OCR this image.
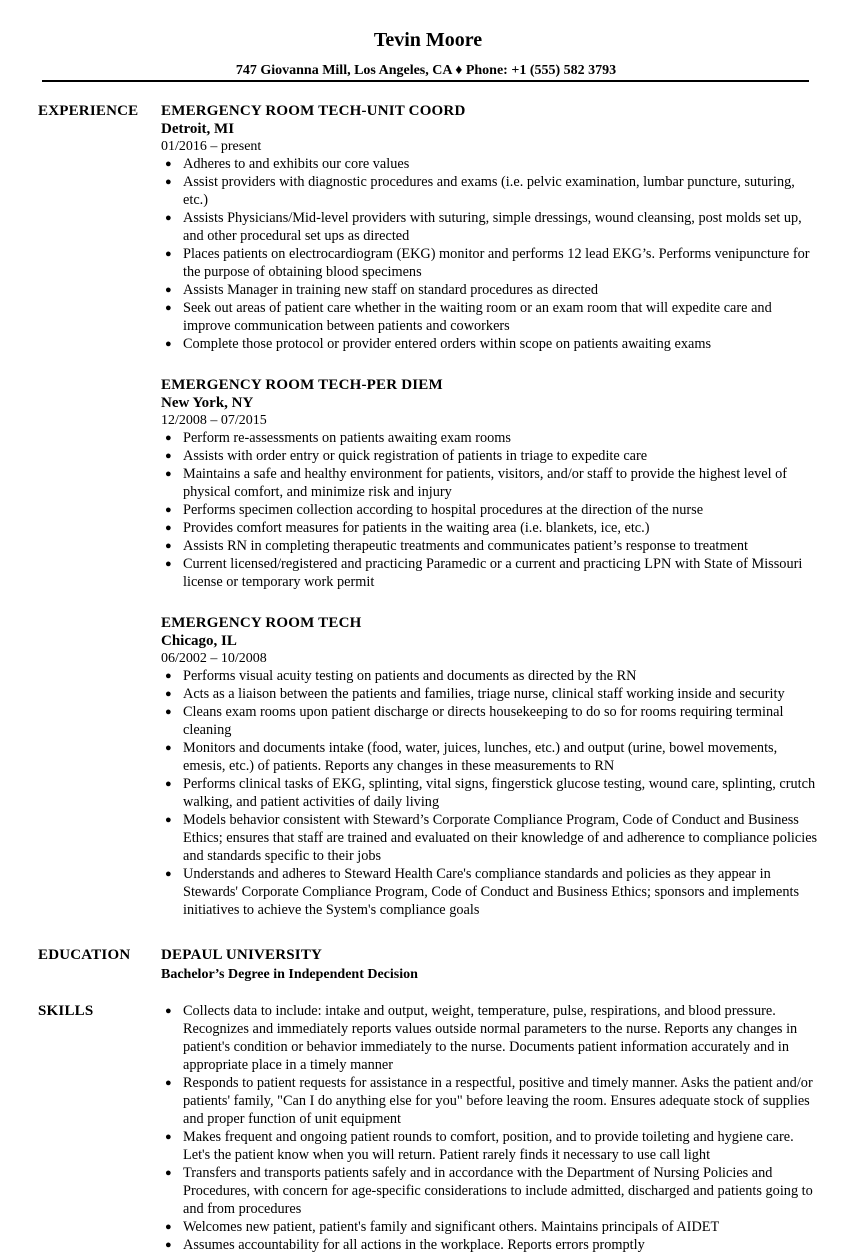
Tevin Moore
747 Giovanna Mill, Los Angeles, CA ♦ Phone: +1 (555) 582 3793
EXPERIENCE EMERGENCY ROOM TECH-UNIT COORD
Detroit, MI
01/2016 – present
● Adheres to and exhibits our core values
● Assist providers with diagnostic procedures and exams (i.e. pelvic examination, lumbar puncture, suturing, etc.)
● Assists Physicians/Mid-level providers with suturing, simple dressings, wound cleansing, post molds set up, and other procedural set ups as directed
● Places patients on electrocardiogram (EKG) monitor and performs 12 lead EKG’s. Performs venipuncture for the purpose of obtaining blood specimens
● Assists Manager in training new staff on standard procedures as directed
● Seek out areas of patient care whether in the waiting room or an exam room that will expedite care and improve communication between patients and coworkers
● Complete those protocol or provider entered orders within scope on patients awaiting exams
EMERGENCY ROOM TECH-PER DIEM
New York, NY
12/2008 – 07/2015
● Perform re-assessments on patients awaiting exam rooms
● Assists with order entry or quick registration of patients in triage to expedite care
● Maintains a safe and healthy environment for patients, visitors, and/or staff to provide the highest level of physical comfort, and minimize risk and injury
● Performs specimen collection according to hospital procedures at the direction of the nurse
● Provides comfort measures for patients in the waiting area (i.e. blankets, ice, etc.)
● Assists RN in completing therapeutic treatments and communicates patient’s response to treatment
● Current licensed/registered and practicing Paramedic or a current and practicing LPN with State of Missouri license or temporary work permit
EMERGENCY ROOM TECH
Chicago, IL
06/2002 – 10/2008
● Performs visual acuity testing on patients and documents as directed by the RN
● Acts as a liaison between the patients and families, triage nurse, clinical staff working inside and security
● Cleans exam rooms upon patient discharge or directs housekeeping to do so for rooms requiring terminal cleaning
● Monitors and documents intake (food, water, juices, lunches, etc.) and output (urine, bowel movements, emesis, etc.) of patients. Reports any changes in these measurements to RN
● Performs clinical tasks of EKG, splinting, vital signs, fingerstick glucose testing, wound care, splinting, crutch walking, and patient activities of daily living
● Models behavior consistent with Steward’s Corporate Compliance Program, Code of Conduct and Business Ethics; ensures that staff are trained and evaluated on their knowledge of and adherence to compliance policies and standards specific to their jobs
● Understands and adheres to Steward Health Care's compliance standards and policies as they appear in Stewards' Corporate Compliance Program, Code of Conduct and Business Ethics; sponsors and implements initiatives to achieve the System's compliance goals
EDUCATION DEPAUL UNIVERSITY
Bachelor’s Degree in Independent Decision
SKILLS	● Collects data to include: intake and output, weight, temperature, pulse, respirations, and blood pressure. Recognizes and immediately reports values outside normal parameters to the nurse. Reports any changes in patient's condition or behavior immediately to the nurse. Documents patient information accurately and in appropriate place in a timely manner
● Responds to patient requests for assistance in a respectful, positive and timely manner. Asks the patient and/or patients' family, "Can I do anything else for you" before leaving the room. Ensures adequate stock of supplies and proper function of unit equipment
● Makes frequent and ongoing patient rounds to comfort, position, and to provide toileting and hygiene care. Let's the patient know when you will return. Patient rarely finds it necessary to use call light
● Transfers and transports patients safely and in accordance with the Department of Nursing Policies and Procedures, with concern for age-specific considerations to include admitted, discharged and patients going to and from procedures
● Welcomes new patient, patient's family and significant others. Maintains principals of AIDET
● Assumes accountability for all actions in the workplace. Reports errors promptly
